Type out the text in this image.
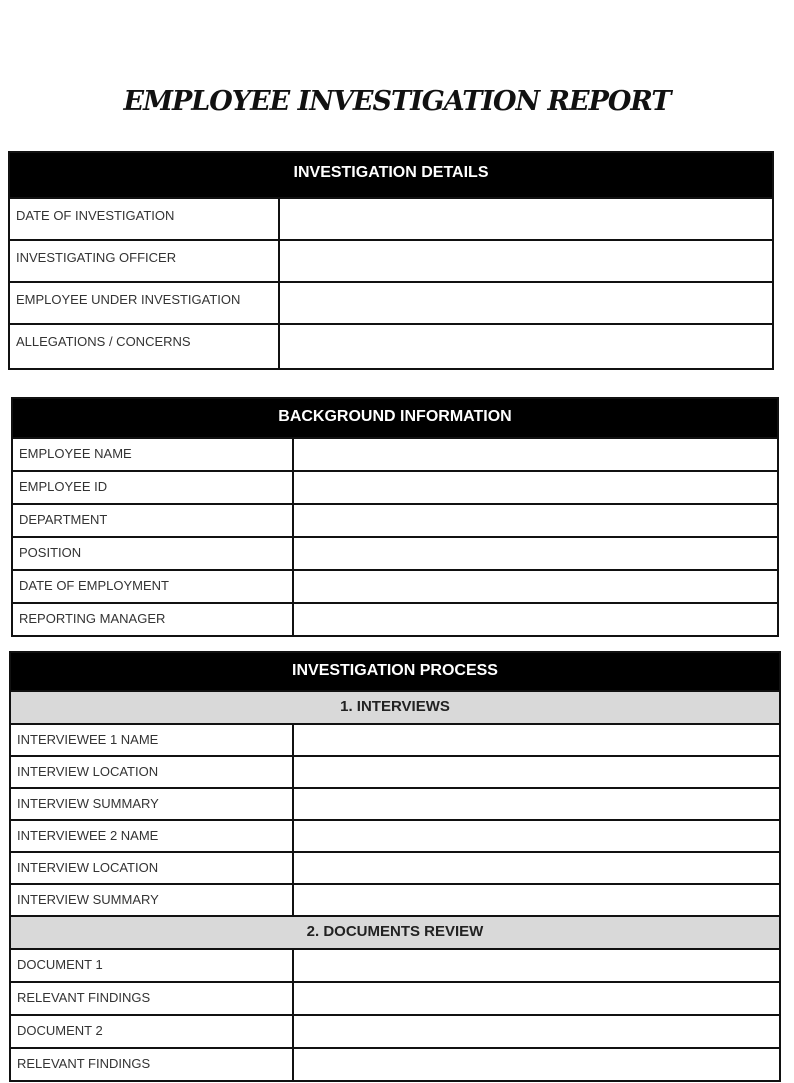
EMPLOYEE INVESTIGATION REPORT
INVESTIGATION DETAILS
DATE OF INVESTIGATION
INVESTIGATING OFFICER
EMPLOYEE UNDER INVESTIGATION
ALLEGATIONS / CONCERNS
BACKGROUND INFORMATION
EMPLOYEE NAME
EMPLOYEE ID
DEPARTMENT
POSITION
DATE OF EMPLOYMENT
REPORTING MANAGER
INVESTIGATION PROCESS
1. INTERVIEWS
INTERVIEWEE 1 NAME
INTERVIEW LOCATION
INTERVIEW SUMMARY
INTERVIEWEE 2 NAME
INTERVIEW LOCATION
INTERVIEW SUMMARY
2. DOCUMENTS REVIEW
DOCUMENT 1
RELEVANT FINDINGS
DOCUMENT 2
RELEVANT FINDINGS
